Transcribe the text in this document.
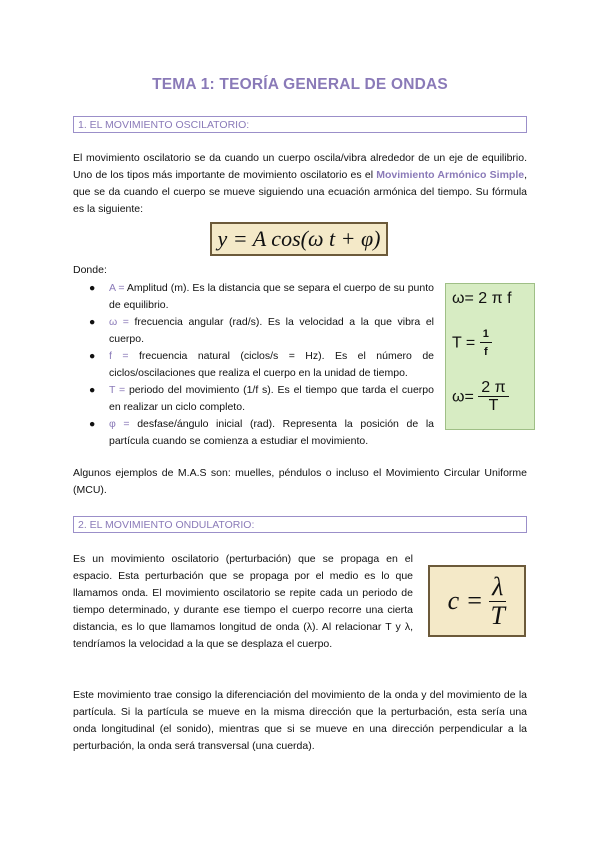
TEMA 1: TEORÍA GENERAL DE ONDAS
1. EL MOVIMIENTO OSCILATORIO:
El movimiento oscilatorio se da cuando un cuerpo oscila/vibra alrededor de un eje de equilibrio. Uno de los tipos más importante de movimiento oscilatorio es el Movimiento Armónico Simple, que se da cuando el cuerpo se mueve siguiendo una ecuación armónica del tiempo. Su fórmula es la siguiente:
y = A cos(ω t + φ)
Donde:
● A = Amplitud (m). Es la distancia que se separa el cuerpo de su punto de equilibrio.
● ω = frecuencia angular (rad/s). Es la velocidad a la que vibra el cuerpo.
● f = frecuencia natural (ciclos/s = Hz). Es el número de ciclos/oscilaciones que realiza el cuerpo en la unidad de tiempo.
● T = periodo del movimiento (1/f s). Es el tiempo que tarda el cuerpo en realizar un ciclo completo.
● φ = desfase/ángulo inicial (rad). Representa la posición de la partícula cuando se comienza a estudiar el movimiento.
ω= 2 π f
$T = \frac{1}{f}$
$\omega= \frac{2 \pi}{T}$
Algunos ejemplos de M.A.S son: muelles, péndulos o incluso el Movimiento Circular Uniforme (MCU).
2. EL MOVIMIENTO ONDULATORIO:
Es un movimiento oscilatorio (perturbación) que se propaga en el espacio. Esta perturbación que se propaga por el medio es lo que llamamos onda. El movimiento oscilatorio se repite cada un periodo de tiempo determinado, y durante ese tiempo el cuerpo recorre una cierta distancia, es lo que llamamos longitud de onda (λ). Al relacionar T y λ, tendríamos la velocidad a la que se desplaza el cuerpo.
$c = \frac{\lambda}{T}$
Este movimiento trae consigo la diferenciación del movimiento de la onda y del movimiento de la partícula. Si la partícula se mueve en la misma dirección que la perturbación, esta sería una onda longitudinal (el sonido), mientras que si se mueve en una dirección perpendicular a la perturbación, la onda será transversal (una cuerda).
